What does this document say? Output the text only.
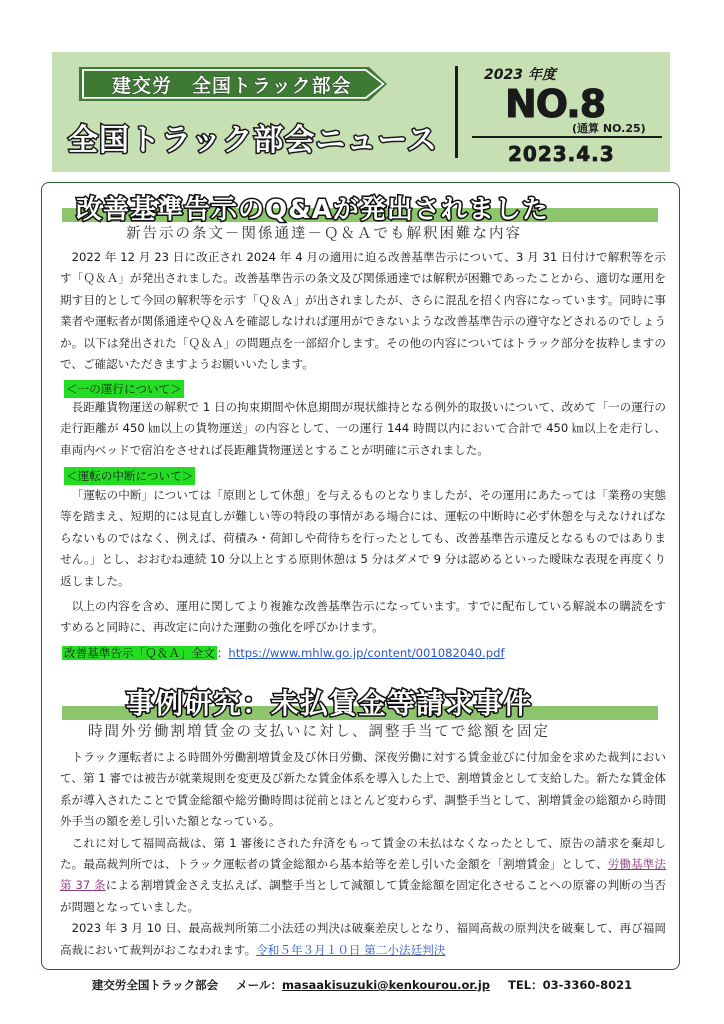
建交労　全国トラック部会
全国トラック部会ニュース
2023 年度
NO.8
(通算 NO.25)
2023.4.3
改善基準告示のQ&Aが発出されました
新告示の条文－関係通達－Ｑ＆Ａでも解釈困難な内容

2022 年 12 月 23 日に改正され 2024 年 4 月の適用に迫る改善基準告示について、3 月 31 日付けで解釈等を示す「Ｑ＆Ａ」が発出されました。改善基準告示の条文及び関係通達では解釈が困難であったことから、適切な運用を期す目的として今回の解釈等を示す「Ｑ＆Ａ」が出されましたが、さらに混乱を招く内容になっています。同時に事業者や運転者が関係通達やＱ＆Ａを確認しなければ運用ができないような改善基準告示の遵守などされるのでしょうか。以下は発出された「Ｑ＆Ａ」の問題点を一部紹介します。その他の内容についてはトラック部分を抜粋しますので、ご確認いただきますようお願いいたします。

＜一の運行について＞

長距離貨物運送の解釈で 1 日の拘束期間や休息期間が現状維持となる例外的取扱いについて、改めて「一の運行の走行距離が 450 ㎞以上の貨物運送」の内容として、一の運行 144 時間以内において合計で 450 ㎞以上を走行し、車両内ベッドで宿泊をさせれば長距離貨物運送とすることが明確に示されました。

＜運転の中断について＞

「運転の中断」については「原則として休憩」を与えるものとなりましたが、その運用にあたっては「業務の実態等を踏まえ、短期的には見直しが難しい等の特段の事情がある場合には、運転の中断時に必ず休憩を与えなければならないものではなく、例えば、荷積み・荷卸しや荷待ちを行ったとしても、改善基準告示違反となるものではありません。」とし、おおむね連続 10 分以上とする原則休憩は 5 分はダメで 9 分は認めるといった曖昧な表現を再度くり返しました。

以上の内容を含め、運用に関してより複雑な改善基準告示になっています。すでに配布している解説本の購読をすすめると同時に、再改定に向けた運動の強化を呼びかけます。

改善基準告示「Ｑ＆Ａ」全文 ：https://www.mhlw.go.jp/content/001082040.pdf
事例研究：未払賃金等請求事件
時間外労働割増賃金の支払いに対し、調整手当てで総額を固定

トラック運転者による時間外労働割増賃金及び休日労働、深夜労働に対する賃金並びに付加金を求めた裁判において、第 1 審では被告が就業規則を変更及び新たな賃金体系を導入した上で、割増賃金として支給した。新たな賃金体系が導入されたことで賃金総額や総労働時間は従前とほとんど変わらず、調整手当として、割増賃金の総額から時間外手当の額を差し引いた額となっている。

これに対して福岡高裁は、第 1 審後にされた弁済をもって賃金の未払はなくなったとして、原告の請求を棄却した。最高裁判所では、トラック運転者の賃金総額から基本給等を差し引いた金額を「割増賃金」として、労働基準法第 37 条による割増賃金さえ支払えば、調整手当として減額して賃金総額を固定化させることへの原審の判断の当否が問題となっていました。

2023 年 3 月 10 日、最高裁判所第二小法廷の判決は破棄差戻しとなり、福岡高裁の原判決を破棄して、再び福岡高裁において裁判がおこなわれます。令和５年３月１０日 第二小法廷判決

建交労全国トラック部会 メール：masaakisuzuki@kenkourou.or.jp TEL：03-3360-8021
